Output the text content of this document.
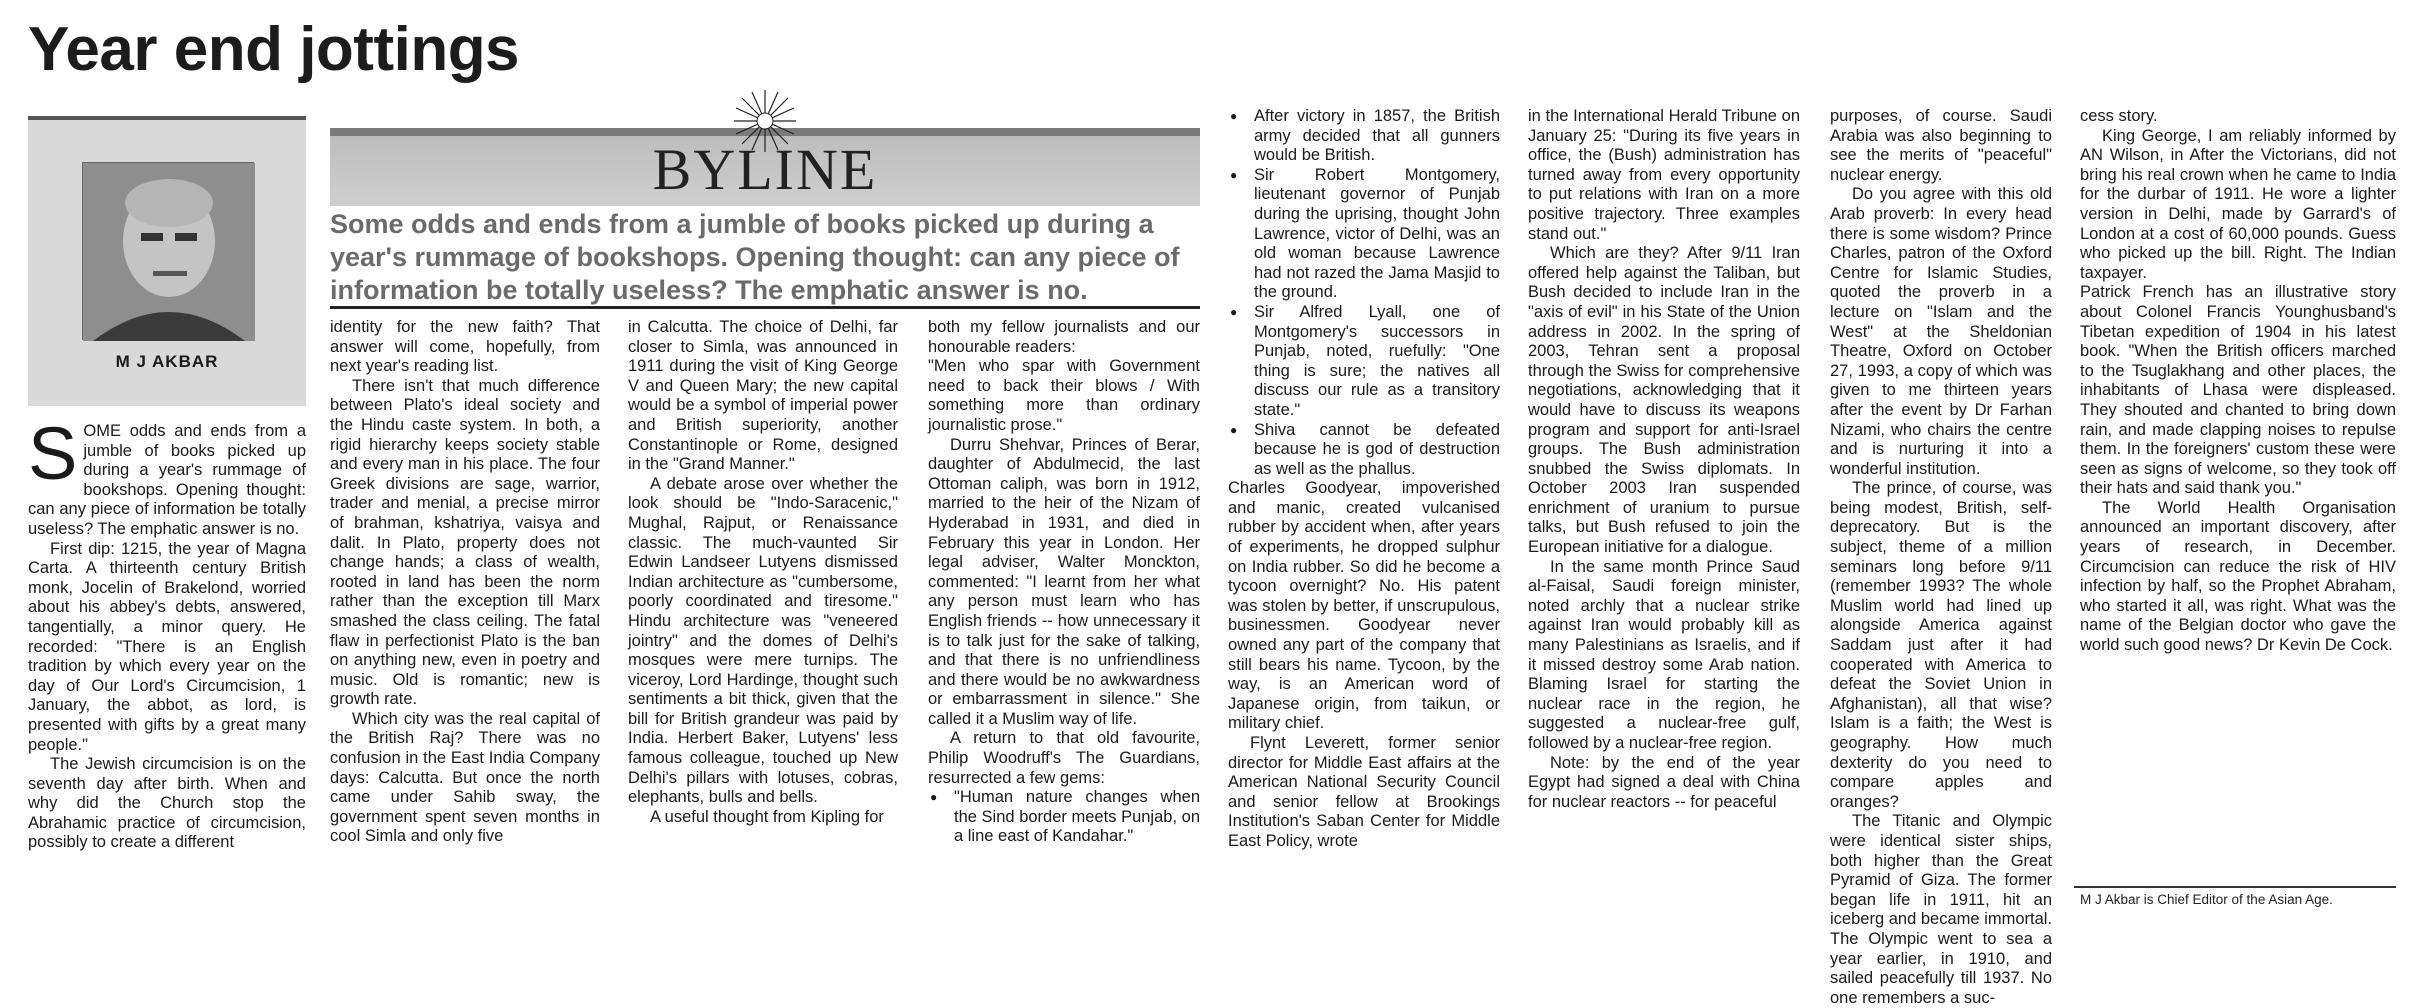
Year end jottings
M J AKBAR
BYLINE
Some odds and ends from a jumble of books picked up during a year's rummage of bookshops. Opening thought: can any piece of information be totally useless? The emphatic answer is no.

SOME odds and ends from a jumble of books picked up during a year's rummage of bookshops. Opening thought: can any piece of information be totally useless? The emphatic answer is no.

First dip: 1215, the year of Magna Carta. A thirteenth century British monk, Jocelin of Brakelond, worried about his abbey's debts, answered, tangentially, a minor query. He recorded: "There is an English tradition by which every year on the day of Our Lord's Circumcision, 1 January, the abbot, as lord, is presented with gifts by a great many people."

The Jewish circumcision is on the seventh day after birth. When and why did the Church stop the Abrahamic practice of circumcision, possibly to create a different

identity for the new faith? That answer will come, hopefully, from next year's reading list.

There isn't that much difference between Plato's ideal society and the Hindu caste system. In both, a rigid hierarchy keeps society stable and every man in his place. The four Greek divisions are sage, warrior, trader and menial, a precise mirror of brahman, kshatriya, vaisya and dalit. In Plato, property does not change hands; a class of wealth, rooted in land has been the norm rather than the exception till Marx smashed the class ceiling. The fatal flaw in perfectionist Plato is the ban on anything new, even in poetry and music. Old is romantic; new is growth rate.

Which city was the real capital of the British Raj? There was no confusion in the East India Company days: Calcutta. But once the north came under Sahib sway, the government spent seven months in cool Simla and only five

in Calcutta. The choice of Delhi, far closer to Simla, was announced in 1911 during the visit of King George V and Queen Mary; the new capital would be a symbol of imperial power and British superiority, another Constantinople or Rome, designed in the "Grand Manner."

A debate arose over whether the look should be "Indo-Saracenic," Mughal, Rajput, or Renaissance classic. The much-vaunted Sir Edwin Landseer Lutyens dismissed Indian architecture as "cumbersome, poorly coordinated and tiresome." Hindu architecture was "veneered jointry" and the domes of Delhi's mosques were mere turnips. The viceroy, Lord Hardinge, thought such sentiments a bit thick, given that the bill for British grandeur was paid by India. Herbert Baker, Lutyens' less famous colleague, touched up New Delhi's pillars with lotuses, cobras, elephants, bulls and bells.

A useful thought from Kipling for

both my fellow journalists and our honourable readers:

"Men who spar with Government need to back their blows / With something more than ordinary journalistic prose."

Durru Shehvar, Princes of Berar, daughter of Abdulmecid, the last Ottoman caliph, was born in 1912, married to the heir of the Nizam of Hyderabad in 1931, and died in February this year in London. Her legal adviser, Walter Monckton, commented: "I learnt from her what any person must learn who has English friends -- how unnecessary it is to talk just for the sake of talking, and that there is no unfriendliness and there would be no awkwardness or embarrassment in silence." She called it a Muslim way of life.

A return to that old favourite, Philip Woodruff's The Guardians, resurrected a few gems:

● "Human nature changes when the Sind border meets Punjab, on a line east of Kandahar."
● After victory in 1857, the British army decided that all gunners would be British.
● Sir Robert Montgomery, lieutenant governor of Punjab during the uprising, thought John Lawrence, victor of Delhi, was an old woman because Lawrence had not razed the Jama Masjid to the ground.
● Sir Alfred Lyall, one of Montgomery's successors in Punjab, noted, ruefully: "One thing is sure; the natives all discuss our rule as a transitory state."
● Shiva cannot be defeated because he is god of destruction as well as the phallus.

Charles Goodyear, impoverished and manic, created vulcanised rubber by accident when, after years of experiments, he dropped sulphur on India rubber. So did he become a tycoon overnight? No. His patent was stolen by better, if unscrupulous, businessmen. Goodyear never owned any part of the company that still bears his name. Tycoon, by the way, is an American word of Japanese origin, from taikun, or military chief.

Flynt Leverett, former senior director for Middle East affairs at the American National Security Council and senior fellow at Brookings Institution's Saban Center for Middle East Policy, wrote

in the International Herald Tribune on January 25: "During its five years in office, the (Bush) administration has turned away from every opportunity to put relations with Iran on a more positive trajectory. Three examples stand out."

Which are they? After 9/11 Iran offered help against the Taliban, but Bush decided to include Iran in the "axis of evil" in his State of the Union address in 2002. In the spring of 2003, Tehran sent a proposal through the Swiss for comprehensive negotiations, acknowledging that it would have to discuss its weapons program and support for anti-Israel groups. The Bush administration snubbed the Swiss diplomats. In October 2003 Iran suspended enrichment of uranium to pursue talks, but Bush refused to join the European initiative for a dialogue.

In the same month Prince Saud al-Faisal, Saudi foreign minister, noted archly that a nuclear strike against Iran would probably kill as many Palestinians as Israelis, and if it missed destroy some Arab nation. Blaming Israel for starting the nuclear race in the region, he suggested a nuclear-free gulf, followed by a nuclear-free region.

Note: by the end of the year Egypt had signed a deal with China for nuclear reactors -- for peaceful

purposes, of course. Saudi Arabia was also beginning to see the merits of "peaceful" nuclear energy.

Do you agree with this old Arab proverb: In every head there is some wisdom? Prince Charles, patron of the Oxford Centre for Islamic Studies, quoted the proverb in a lecture on "Islam and the West" at the Sheldonian Theatre, Oxford on October 27, 1993, a copy of which was given to me thirteen years after the event by Dr Farhan Nizami, who chairs the centre and is nurturing it into a wonderful institution.

The prince, of course, was being modest, British, self-deprecatory. But is the subject, theme of a million seminars long before 9/11 (remember 1993? The whole Muslim world had lined up alongside America against Saddam just after it had cooperated with America to defeat the Soviet Union in Afghanistan), all that wise? Islam is a faith; the West is geography. How much dexterity do you need to compare apples and oranges?

The Titanic and Olympic were identical sister ships, both higher than the Great Pyramid of Giza. The former began life in 1911, hit an iceberg and became immortal. The Olympic went to sea a year earlier, in 1910, and sailed peacefully till 1937. No one remembers a suc-

cess story.

King George, I am reliably informed by AN Wilson, in After the Victorians, did not bring his real crown when he came to India for the durbar of 1911. He wore a lighter version in Delhi, made by Garrard's of London at a cost of 60,000 pounds. Guess who picked up the bill. Right. The Indian taxpayer.

Patrick French has an illustrative story about Colonel Francis Younghusband's Tibetan expedition of 1904 in his latest book. "When the British officers marched to the Tsuglakhang and other places, the inhabitants of Lhasa were displeased. They shouted and chanted to bring down rain, and made clapping noises to repulse them. In the foreigners' custom these were seen as signs of welcome, so they took off their hats and said thank you."

The World Health Organisation announced an important discovery, after years of research, in December. Circumcision can reduce the risk of HIV infection by half, so the Prophet Abraham, who started it all, was right. What was the name of the Belgian doctor who gave the world such good news? Dr Kevin De Cock.

M J Akbar is Chief Editor of the Asian Age.
